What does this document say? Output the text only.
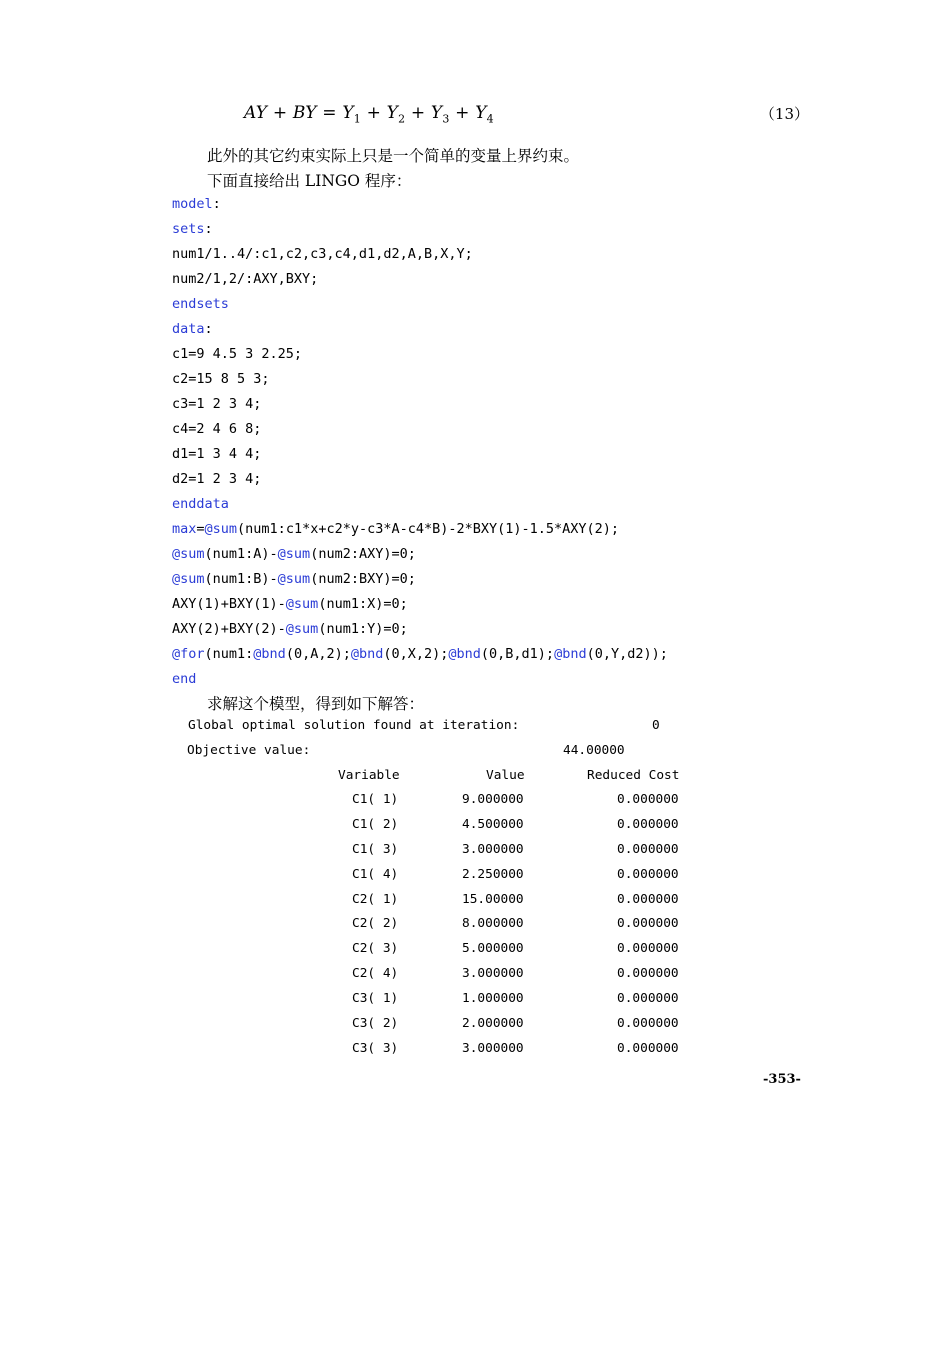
AY + BY = $Y_1 + Y_2 + Y_3 + Y_4$	（13）
此外的其它约束实际上只是一个简单的变量上界约束。
下面直接给出 LINGO 程序：
model:
sets:
num1/1..4/:c1,c2,c3,c4,d1,d2,A,B,X,Y;
num2/1,2/:AXY,BXY;
endsets
data:
c1=9 4.5 3 2.25;
c2=15 8 5 3;
c3=1 2 3 4;
c4=2 4 6 8;
d1=1 3 4 4;
d2=1 2 3 4;
enddata
max=@sum(num1:c1*x+c2*y-c3*A-c4*B)-2*BXY(1)-1.5*AXY(2);
@sum(num1:A)-@sum(num2:AXY)=0;
@sum(num1:B)-@sum(num2:BXY)=0;
AXY(1)+BXY(1)-@sum(num1:X)=0;
AXY(2)+BXY(2)-@sum(num1:Y)=0;
@for(num1:@bnd(0,A,2);@bnd(0,X,2);@bnd(0,B,d1);@bnd(0,Y,d2));
end
求解这个模型，得到如下解答：
Global optimal solution found at iteration:	0
Objective value:	44.00000
Variable	Value	Reduced Cost
C1( 1)	9.000000	0.000000
C1( 2)	4.500000	0.000000
C1( 3)	3.000000	0.000000
C1( 4)	2.250000	0.000000
C2( 1)	15.00000	0.000000
C2( 2)	8.000000	0.000000
C2( 3)	5.000000	0.000000
C2( 4)	3.000000	0.000000
C3( 1)	1.000000	0.000000
C3( 2)	2.000000	0.000000
C3( 3)	3.000000	0.000000
-353-
